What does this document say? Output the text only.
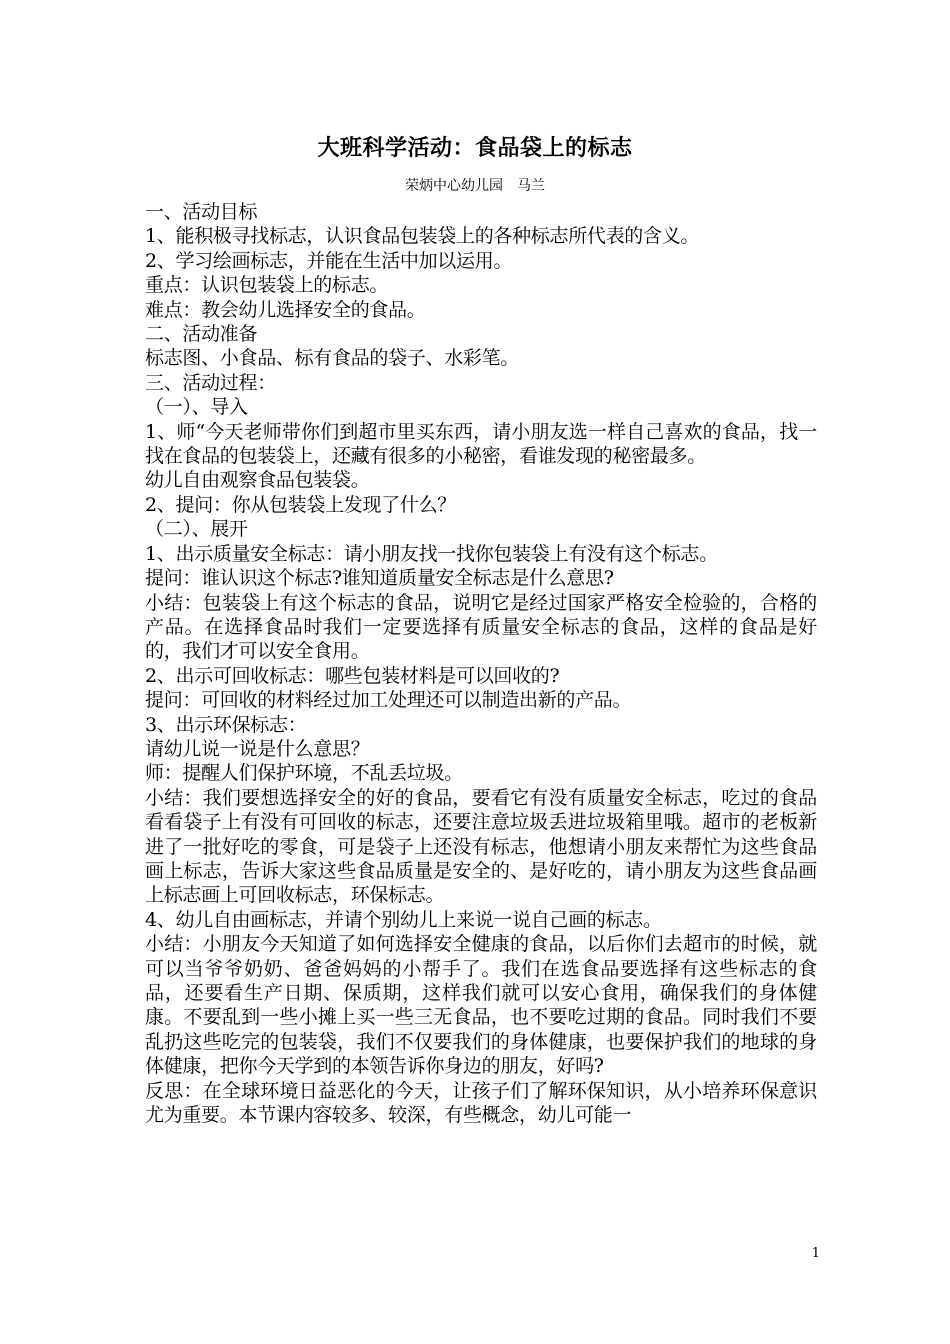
大班科学活动：食品袋上的标志
荣炳中心幼儿园　马兰

一、活动目标

1、能积极寻找标志，认识食品包装袋上的各种标志所代表的含义。

2、学习绘画标志，并能在生活中加以运用。

重点：认识包装袋上的标志。

难点：教会幼儿选择安全的食品。

二、活动准备

标志图、小食品、标有食品的袋子、水彩笔。

三、活动过程：

（一）、导入

1、师“今天老师带你们到超市里买东西，请小朋友选一样自己喜欢的食品，找一找在食品的包装袋上，还藏有很多的小秘密，看谁发现的秘密最多。

幼儿自由观察食品包装袋。

2、提问：你从包装袋上发现了什么？

（二）、展开

1、出示质量安全标志：请小朋友找一找你包装袋上有没有这个标志。

提问：谁认识这个标志?谁知道质量安全标志是什么意思?

小结：包装袋上有这个标志的食品，说明它是经过国家严格安全检验的，合格的产品。在选择食品时我们一定要选择有质量安全标志的食品，这样的食品是好的，我们才可以安全食用。

2、出示可回收标志：哪些包装材料是可以回收的?

提问：可回收的材料经过加工处理还可以制造出新的产品。

3、出示环保标志：

请幼儿说一说是什么意思？

师：提醒人们保护环境，不乱丢垃圾。

小结：我们要想选择安全的好的食品，要看它有没有质量安全标志，吃过的食品看看袋子上有没有可回收的标志，还要注意垃圾丢进垃圾箱里哦。超市的老板新进了一批好吃的零食，可是袋子上还没有标志，他想请小朋友来帮忙为这些食品画上标志，告诉大家这些食品质量是安全的、是好吃的，请小朋友为这些食品画上标志画上可回收标志，环保标志。

4、幼儿自由画标志，并请个别幼儿上来说一说自己画的标志。

小结：小朋友今天知道了如何选择安全健康的食品，以后你们去超市的时候，就可以当爷爷奶奶、爸爸妈妈的小帮手了。我们在选食品要选择有这些标志的食品，还要看生产日期、保质期，这样我们就可以安心食用，确保我们的身体健康。不要乱到一些小摊上买一些三无食品，也不要吃过期的食品。同时我们不要乱扔这些吃完的包装袋，我们不仅要我们的身体健康，也要保护我们的地球的身体健康，把你今天学到的本领告诉你身边的朋友，好吗?

反思：在全球环境日益恶化的今天，让孩子们了解环保知识，从小培养环保意识尤为重要。本节课内容较多、较深，有些概念，幼儿可能一

1
